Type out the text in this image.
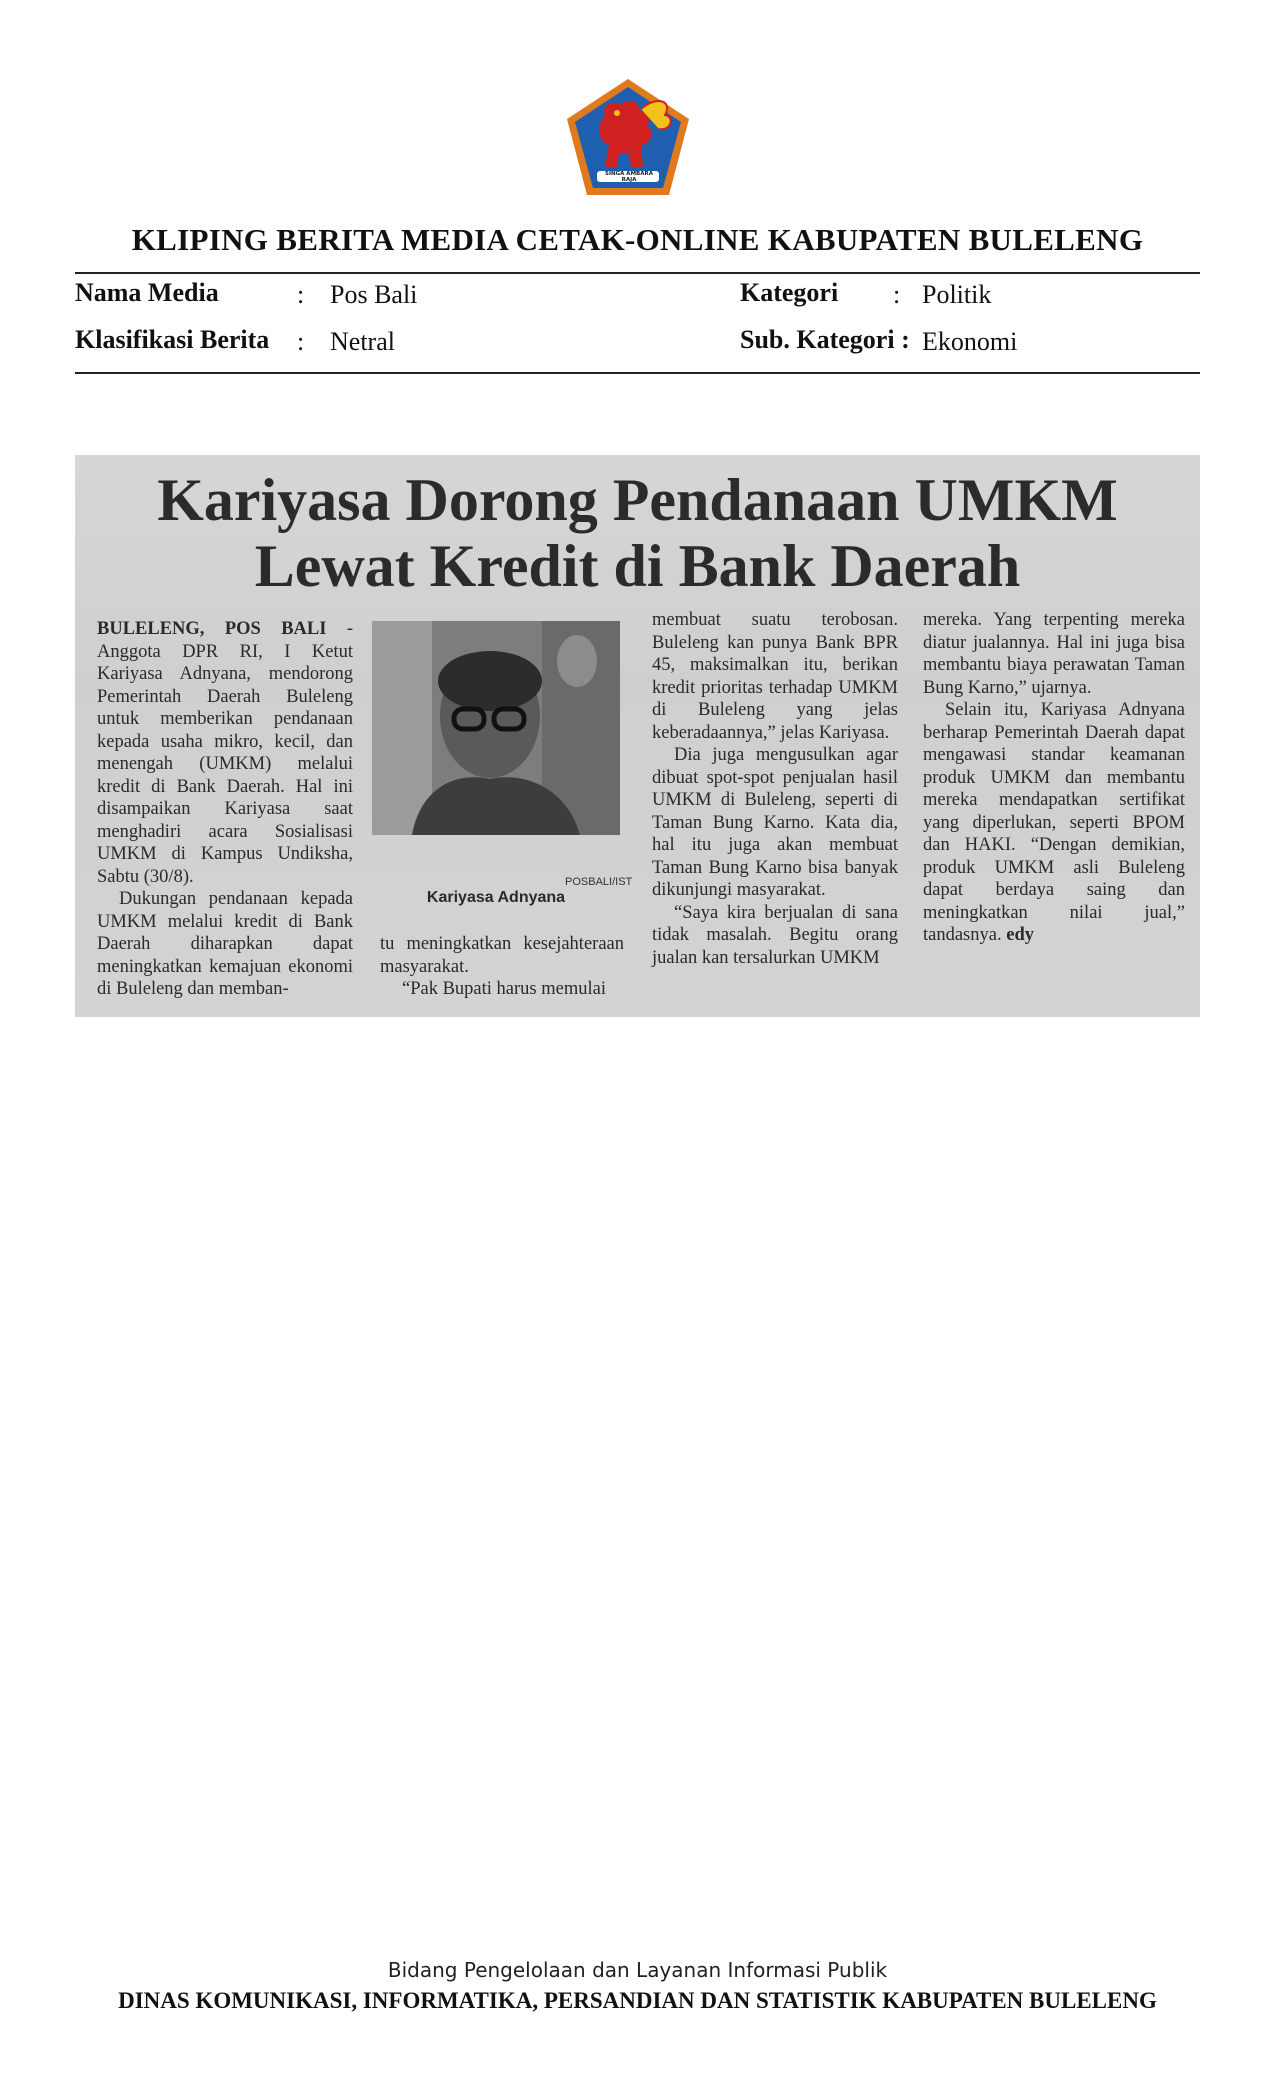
SINGA AMBARA RAJA
KLIPING BERITA MEDIA CETAK-ONLINE KABUPATEN BULELENG
Nama Media	: Pos Bali	Kategori : Politik
Klasifikasi Berita : Netral	Sub. Kategori : Ekonomi
Kariyasa Dorong Pendanaan UMKM
Lewat Kredit di Bank Daerah

BULELENG, POS BALI - Anggota DPR RI, I Ketut Kariyasa Adnyana, mendorong Pemerintah Daerah Buleleng untuk memberikan pendanaan kepada usaha mikro, kecil, dan menengah (UMKM) melalui kredit di Bank Daerah. Hal ini disampaikan Kariyasa saat menghadiri acara Sosialisasi UMKM di Kampus Undiksha, Sabtu (30/8).

Dukungan pendanaan kepada UMKM melalui kredit di Bank Daerah diharapkan dapat meningkatkan kemajuan ekonomi di Buleleng dan memban-

POSBALI/IST
Kariyasa Adnyana

tu meningkatkan kesejahteraan masyarakat.

“Pak Bupati harus memulai

membuat suatu terobosan. Buleleng kan punya Bank BPR 45, maksimalkan itu, berikan kredit prioritas terhadap UMKM di Buleleng yang jelas keberadaannya,” jelas Kariyasa.

Dia juga mengusulkan agar dibuat spot-spot penjualan hasil UMKM di Buleleng, seperti di Taman Bung Karno. Kata dia, hal itu juga akan membuat Taman Bung Karno bisa banyak dikunjungi masyarakat.

“Saya kira berjualan di sana tidak masalah. Begitu orang jualan kan tersalurkan UMKM

mereka. Yang terpenting mereka diatur jualannya. Hal ini juga bisa membantu biaya perawatan Taman Bung Karno,” ujarnya.

Selain itu, Kariyasa Adnyana berharap Pemerintah Daerah dapat mengawasi standar keamanan produk UMKM dan membantu mereka mendapatkan sertifikat yang diperlukan, seperti BPOM dan HAKI. “Dengan demikian, produk UMKM asli Buleleng dapat berdaya saing dan meningkatkan nilai jual,” tandasnya. edy

Bidang Pengelolaan dan Layanan Informasi Publik
DINAS KOMUNIKASI, INFORMATIKA, PERSANDIAN DAN STATISTIK KABUPATEN BULELENG
